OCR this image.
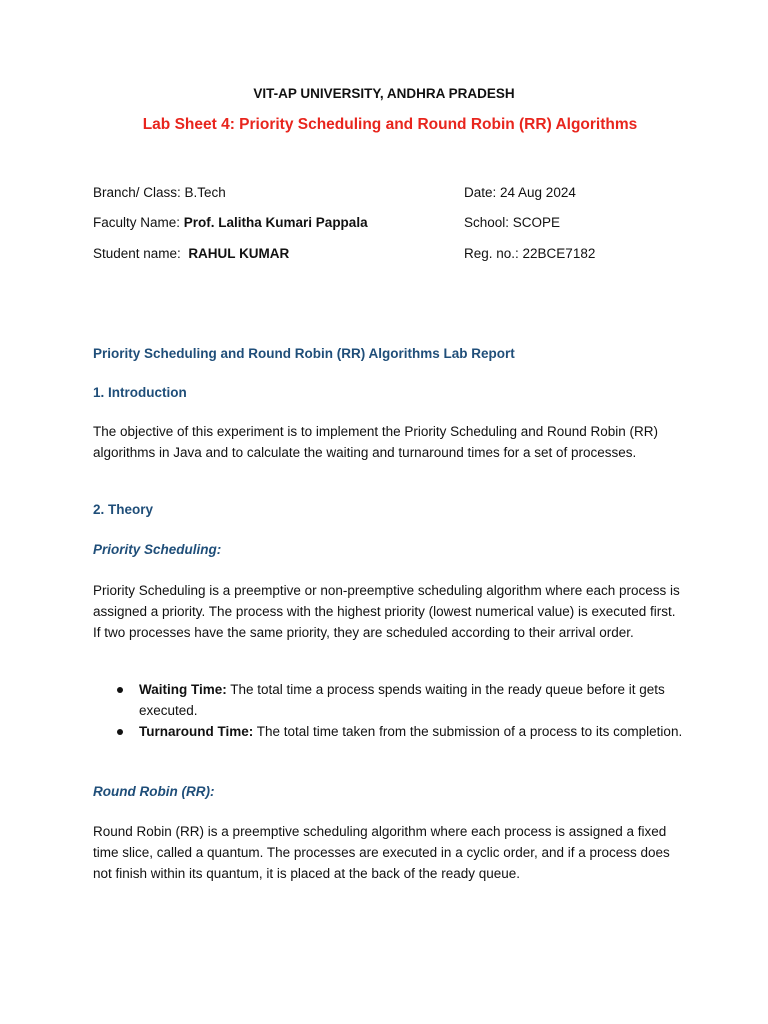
VIT-AP UNIVERSITY, ANDHRA PRADESH
Lab Sheet 4: Priority Scheduling and Round Robin (RR) Algorithms
Branch/ Class: B.Tech
Faculty Name: Prof. Lalitha Kumari Pappala
Student name:  RAHUL KUMAR
Date: 24 Aug 2024
School: SCOPE
Reg. no.: 22BCE7182
Priority Scheduling and Round Robin (RR) Algorithms Lab Report
1. Introduction
The objective of this experiment is to implement the Priority Scheduling and Round Robin (RR) algorithms in Java and to calculate the waiting and turnaround times for a set of processes.
2. Theory
Priority Scheduling:
Priority Scheduling is a preemptive or non-preemptive scheduling algorithm where each process is assigned a priority. The process with the highest priority (lowest numerical value) is executed first. If two processes have the same priority, they are scheduled according to their arrival order.
Waiting Time: The total time a process spends waiting in the ready queue before it gets executed.
Turnaround Time: The total time taken from the submission of a process to its completion.
Round Robin (RR):
Round Robin (RR) is a preemptive scheduling algorithm where each process is assigned a fixed time slice, called a quantum. The processes are executed in a cyclic order, and if a process does not finish within its quantum, it is placed at the back of the ready queue.
